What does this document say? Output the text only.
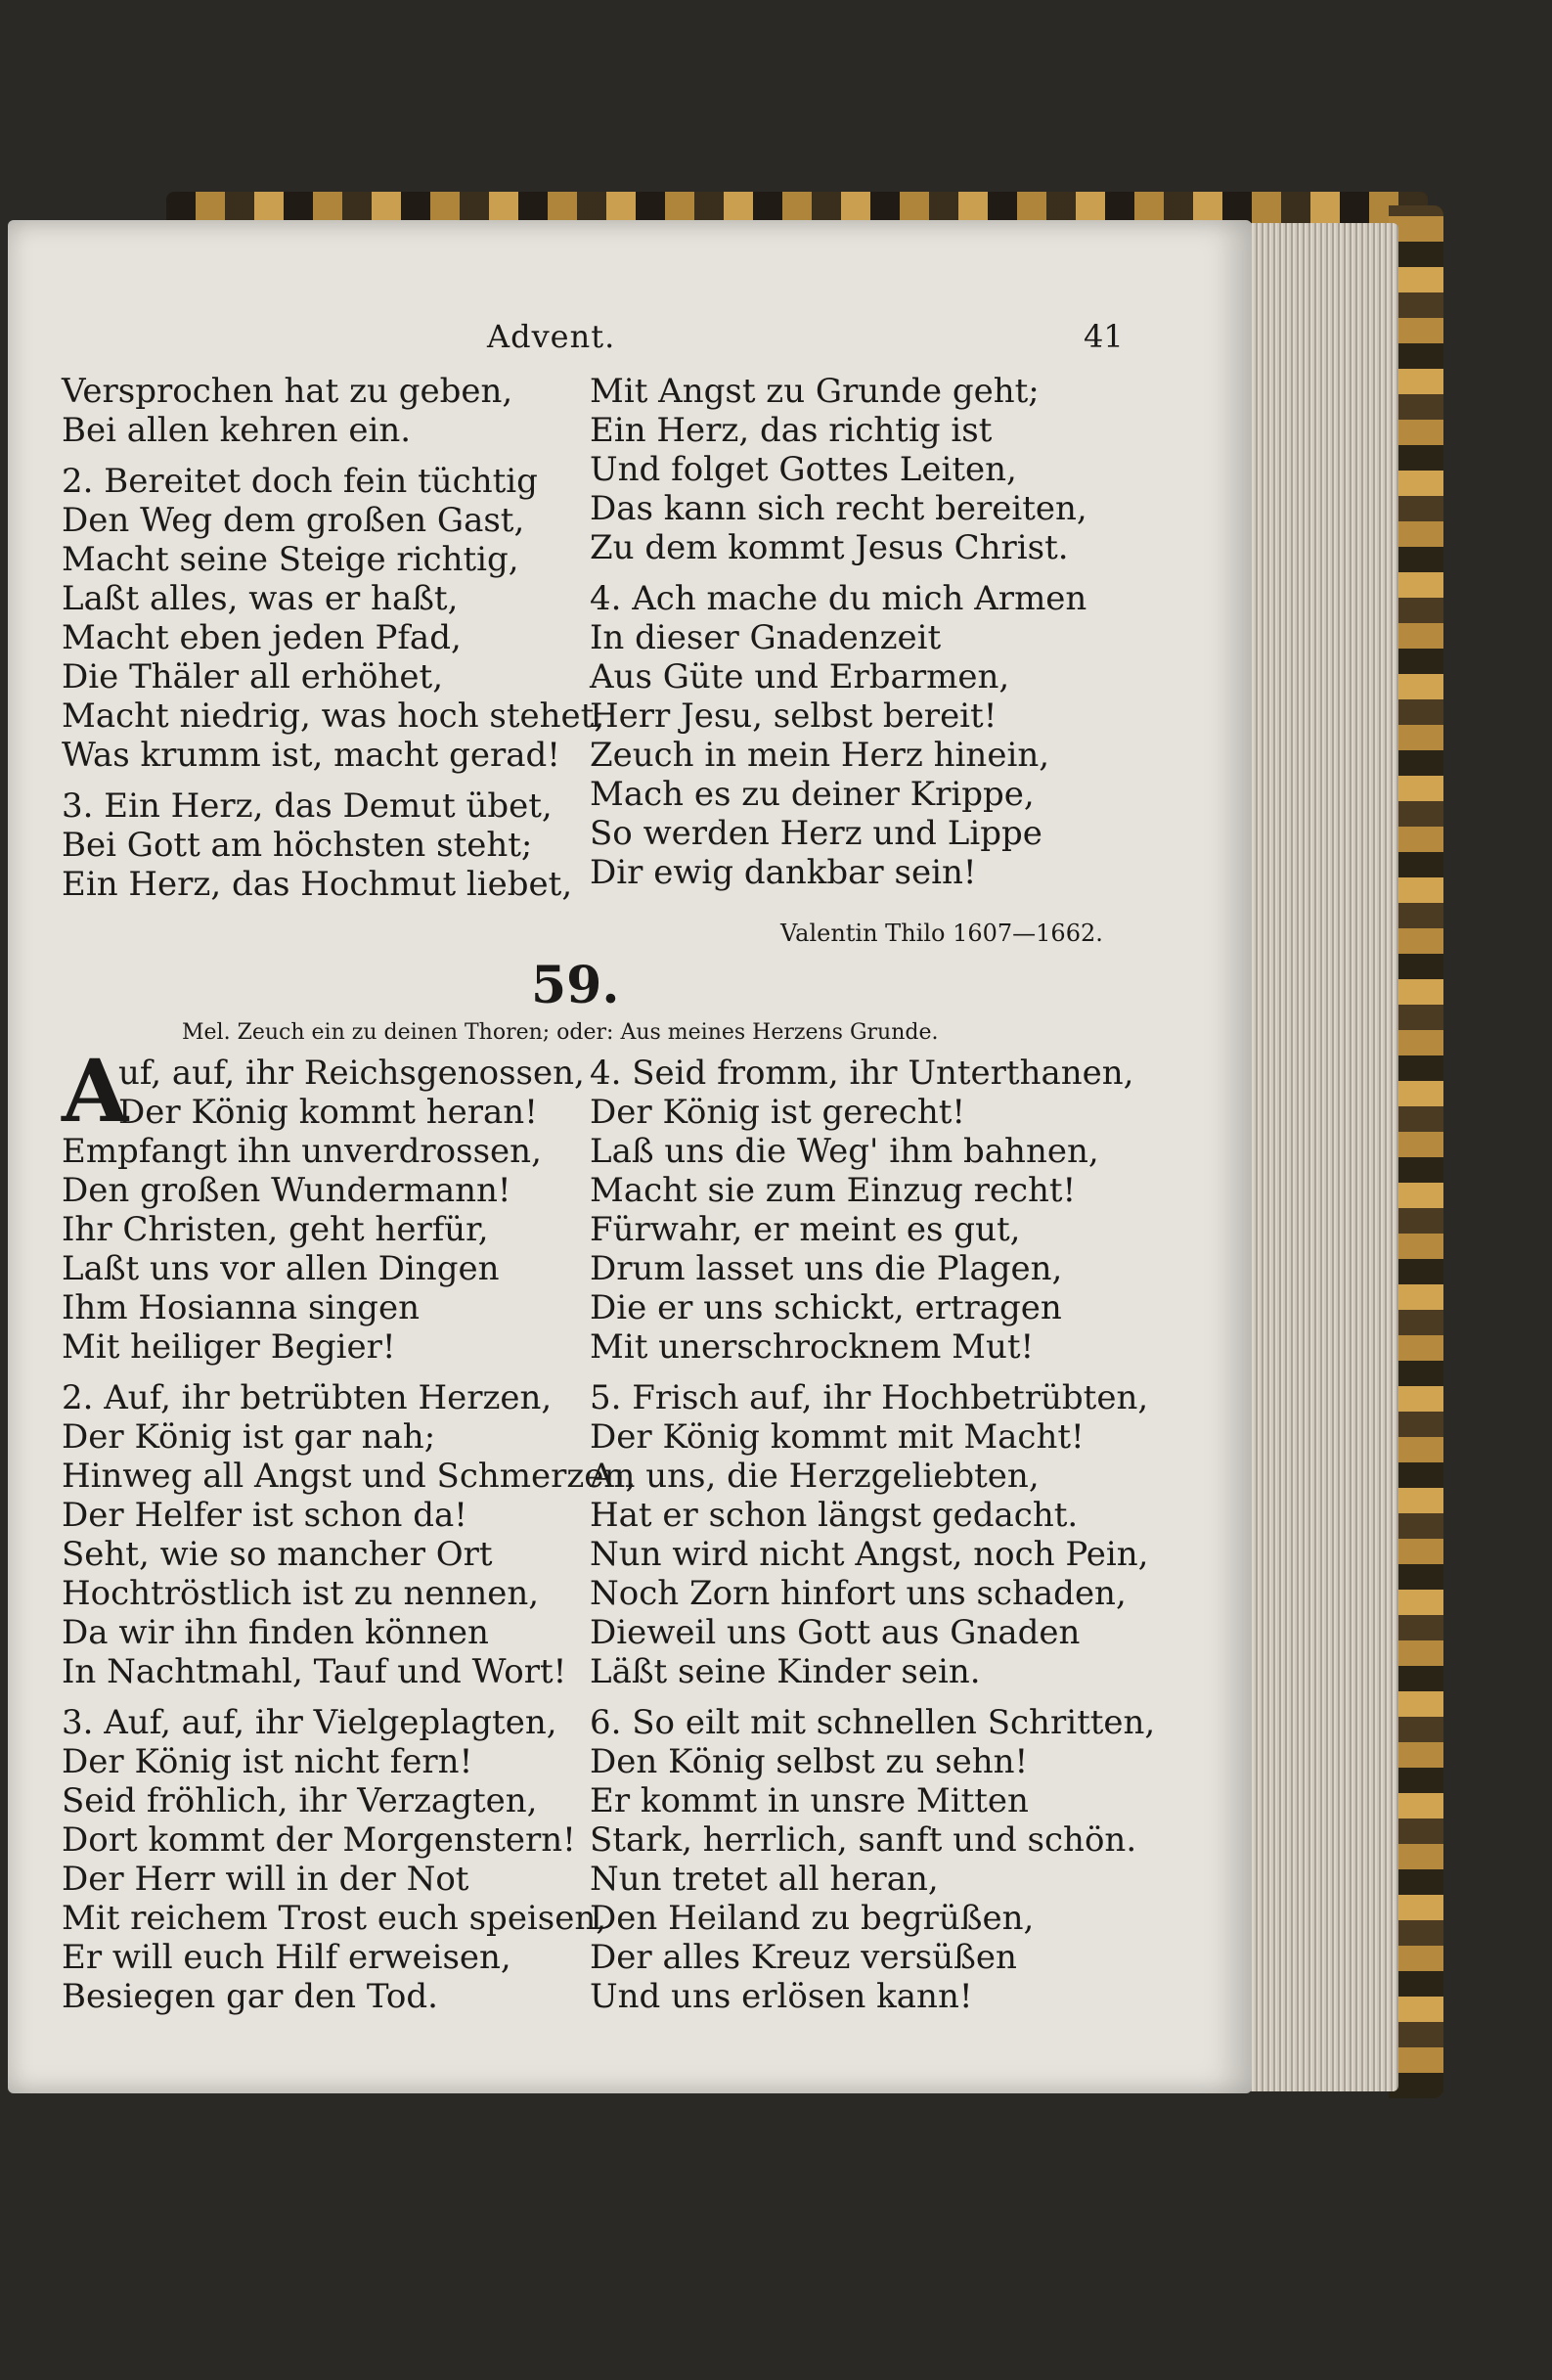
Advent.	41
Versprochen hat zu geben,
Bei allen kehren ein.
2. Bereitet doch fein tüchtig
Den Weg dem großen Gast,
Macht seine Steige richtig,
Laßt alles, was er haßt,
Macht eben jeden Pfad,
Die Thäler all erhöhet,
Macht niedrig, was hoch stehet,
Was krumm ist, macht gerad!
3. Ein Herz, das Demut übet,
Bei Gott am höchsten steht;
Ein Herz, das Hochmut liebet,
Mit Angst zu Grunde geht;
Ein Herz, das richtig ist
Und folget Gottes Leiten,
Das kann sich recht bereiten,
Zu dem kommt Jesus Christ.
4. Ach mache du mich Armen
In dieser Gnadenzeit
Aus Güte und Erbarmen,
Herr Jesu, selbst bereit!
Zeuch in mein Herz hinein,
Mach es zu deiner Krippe,
So werden Herz und Lippe
Dir ewig dankbar sein!
Valentin Thilo 1607—1662.
59.
Mel. Zeuch ein zu deinen Thoren; oder: Aus meines Herzens Grunde.
A
uf, auf, ihr Reichsgenossen,
Der König kommt heran!
Empfangt ihn unverdrossen,
Den großen Wundermann!
Ihr Christen, geht herfür,
Laßt uns vor allen Dingen
Ihm Hosianna singen
Mit heiliger Begier!
2. Auf, ihr betrübten Herzen,
Der König ist gar nah;
Hinweg all Angst und Schmerzen,
Der Helfer ist schon da!
Seht, wie so mancher Ort
Hochtröstlich ist zu nennen,
Da wir ihn finden können
In Nachtmahl, Tauf und Wort!
3. Auf, auf, ihr Vielgeplagten,
Der König ist nicht fern!
Seid fröhlich, ihr Verzagten,
Dort kommt der Morgenstern!
Der Herr will in der Not
Mit reichem Trost euch speisen,
Er will euch Hilf erweisen,
Besiegen gar den Tod.
4. Seid fromm, ihr Unterthanen,
Der König ist gerecht!
Laß uns die Weg' ihm bahnen,
Macht sie zum Einzug recht!
Fürwahr, er meint es gut,
Drum lasset uns die Plagen,
Die er uns schickt, ertragen
Mit unerschrocknem Mut!
5. Frisch auf, ihr Hochbetrübten,
Der König kommt mit Macht!
An uns, die Herzgeliebten,
Hat er schon längst gedacht.
Nun wird nicht Angst, noch Pein,
Noch Zorn hinfort uns schaden,
Dieweil uns Gott aus Gnaden
Läßt seine Kinder sein.
6. So eilt mit schnellen Schritten,
Den König selbst zu sehn!
Er kommt in unsre Mitten
Stark, herrlich, sanft und schön.
Nun tretet all heran,
Den Heiland zu begrüßen,
Der alles Kreuz versüßen
Und uns erlösen kann!
